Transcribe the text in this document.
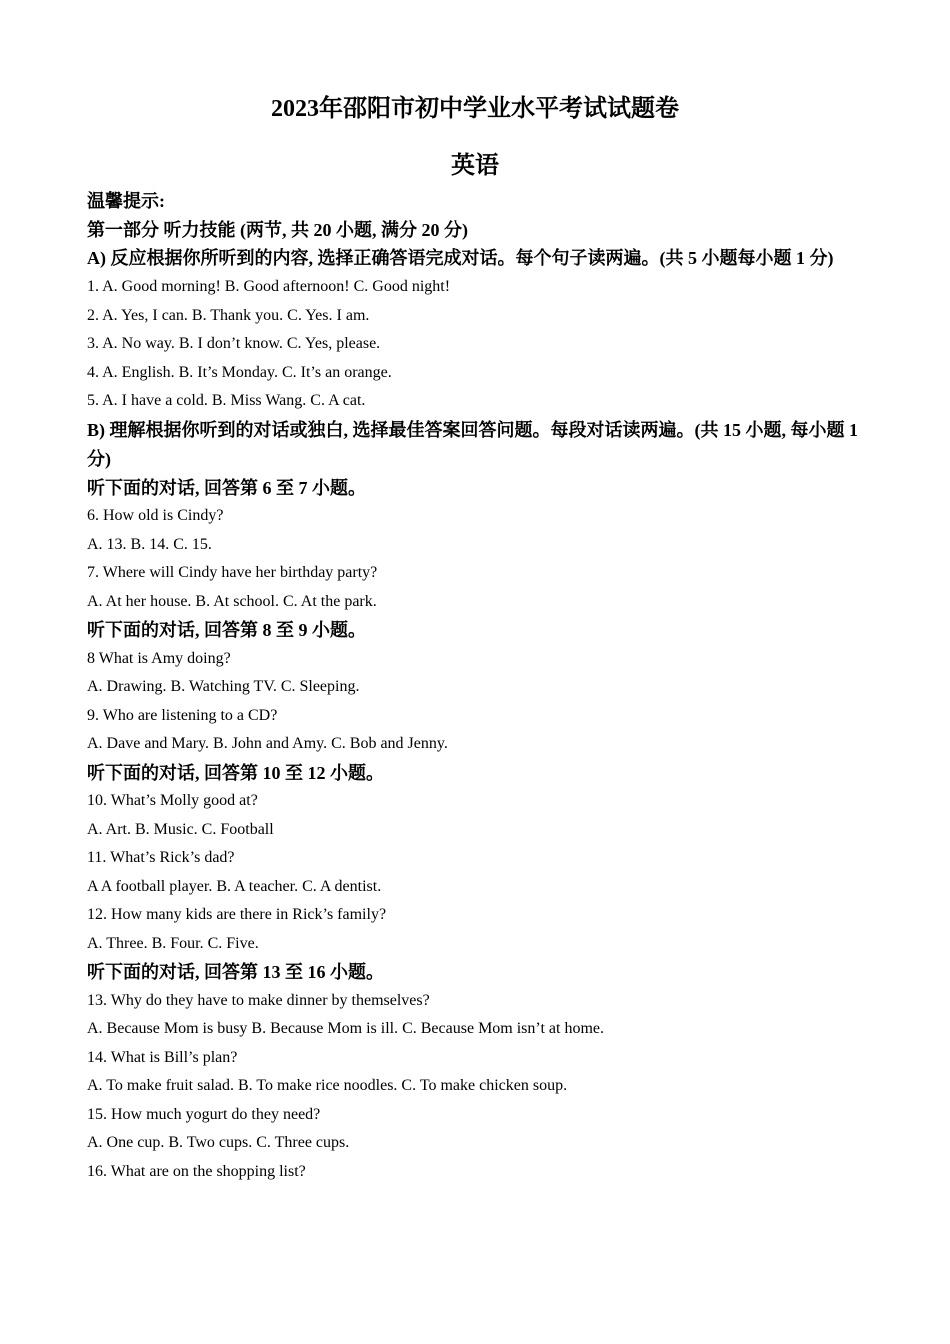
2023年邵阳市初中学业水平考试试题卷
英语
温馨提示:
第一部分 听力技能 (两节, 共 20 小题, 满分 20 分)
A) 反应根据你所听到的内容, 选择正确答语完成对话。每个句子读两遍。(共 5 小题每小题 1 分)
1. A. Good morning! B. Good afternoon! C. Good night!
2. A. Yes, I can. B. Thank you. C. Yes. I am.
3. A. No way. B. I don’t know. C. Yes, please.
4. A. English. B. It’s Monday. C. It’s an orange.
5. A. I have a cold. B. Miss Wang. C. A cat.
B) 理解根据你听到的对话或独白, 选择最佳答案回答问题。每段对话读两遍。(共 15 小题, 每小题 1 分)
听下面的对话, 回答第 6 至 7 小题。
6. How old is Cindy?
A. 13. B. 14. C. 15.
7. Where will Cindy have her birthday party?
A. At her house. B. At school. C. At the park.
听下面的对话, 回答第 8 至 9 小题。
8 What is Amy doing?
A. Drawing. B. Watching TV. C. Sleeping.
9. Who are listening to a CD?
A. Dave and Mary. B. John and Amy. C. Bob and Jenny.
听下面的对话, 回答第 10 至 12 小题。
10. What’s Molly good at?
A. Art. B. Music. C. Football
11. What’s Rick’s dad?
A A football player. B. A teacher. C. A dentist.
12. How many kids are there in Rick’s family?
A. Three. B. Four. C. Five.
听下面的对话, 回答第 13 至 16 小题。
13. Why do they have to make dinner by themselves?
A. Because Mom is busy B. Because Mom is ill. C. Because Mom isn’t at home.
14. What is Bill’s plan?
A. To make fruit salad. B. To make rice noodles. C. To make chicken soup.
15. How much yogurt do they need?
A. One cup. B. Two cups. C. Three cups.
16. What are on the shopping list?
